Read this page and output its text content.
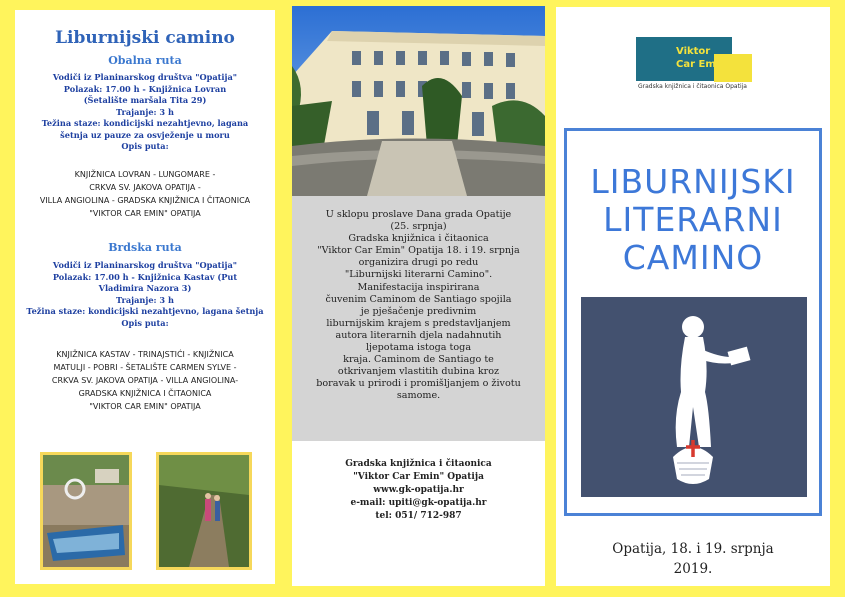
Liburnijski camino
Obalna ruta
Vodiči iz Planinarskog društva "Opatija"
Polazak: 17.00 h - Knjižnica Lovran
(Šetalište maršala Tita 29)
Trajanje: 3 h
Težina staze: kondicijski nezahtjevno, lagana
šetnja uz pauze za osvježenje u moru
Opis puta:
KNJIŽNICA LOVRAN - LUNGOMARE -
CRKVA SV. JAKOVA OPATIJA -
VILLA ANGIOLINA - GRADSKA KNJIŽNICA I ČITAONICA
"VIKTOR CAR EMIN" OPATIJA
Brdska ruta
Vodiči iz Planinarskog društva "Opatija"
Polazak: 17.00 h - Knjižnica Kastav (Put
Vladimira Nazora 3)
Trajanje: 3 h
Težina staze: kondicijski nezahtjevno, lagana šetnja
Opis puta:
KNJIŽNICA KASTAV - TRINAJSTIĆI - KNJIŽNICA
MATULJI - POBRI - ŠETALIŠTE CARMEN SYLVE -
CRKVA SV. JAKOVA OPATIJA - VILLA ANGIOLINA-
GRADSKA KNJIŽNICA I ČITAONICA
"VIKTOR CAR EMIN" OPATIJA
U sklopu proslave Dana grada Opatije
(25. srpnja)
Gradska knjižnica i čitaonica
"Viktor Car Emin" Opatija 18. i 19. srpnja
organizira drugi po redu
"Liburnijski literarni Camino".
Manifestacija inspirirana
čuvenim Caminom de Santiago spojila
je pješačenje predivnim
liburnijskim krajem s predstavljanjem
autora literarnih djela nadahnutih
ljepotama istoga toga
kraja. Caminom de Santiago te
otkrivanjem vlastitih dubina kroz
boravak u prirodi i promišljanjem o životu
samome.
Gradska knjižnica i čitaonica
"Viktor Car Emin" Opatija
www.gk-opatija.hr
e-mail: upiti@gk-opatija.hr
tel: 051/ 712-987
Viktor
Car Emin
Gradska knjižnica i čitaonica Opatija
LIBURNIJSKI
LITERARNI
CAMINO
Opatija, 18. i 19. srpnja
2019.
